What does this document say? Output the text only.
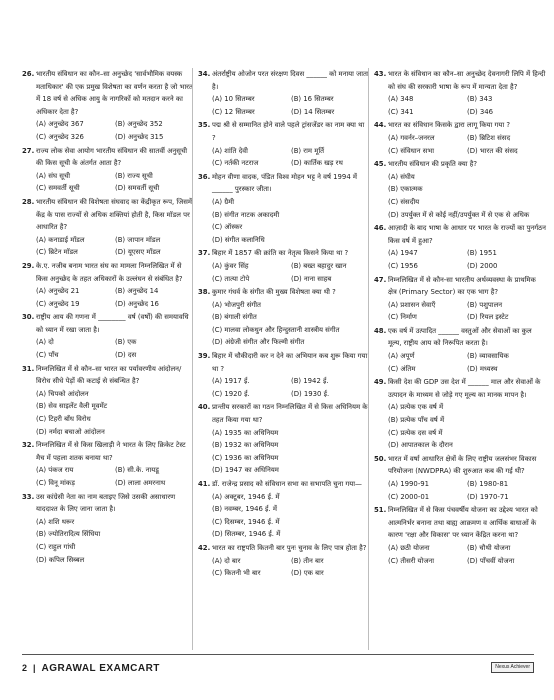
26. भारतीय संविधान का कौन–सा अनुच्छेद 'सार्वभौमिक वयस्क मताधिकार' की एक प्रमुख विशेषता का वर्णन करता है जो भारत में 18 वर्ष से अधिक आयु के नागरिकों को मतदान करने का अधिकार देता है?

(A) अनुच्छेद 367	(B) अनुच्छेद 352
(C) अनुच्छेद 326	(D) अनुच्छेद 315
27. राज्य लोक सेवा आयोग भारतीय संविधान की सातवीं अनुसूची की किस सूची के अंतर्गत आता है?

(A) संघ सूची	(B) राज्य सूची
(C) समवर्ती सूची	(D) समवर्ती सूची
28. भारतीय संविधान की विशेषता संघवाद का केंद्रीकृत रूप, जिसमें केंद्र के पास राज्यों से अधिक शक्तियां होती है, किस मॉडल पर आधारित है?

(A) कनाडाई मॉडल	(B) जापान मॉडल
(C) ब्रिटेन मॉडल	(D) यूएसए मॉडल
29. के.ए. नजीब बनाम भारत संघ का मामला निम्नलिखित में से किस अनुच्छेद के तहत अधिकारों के उल्लंघन से संबंधित है?

(A) अनुच्छेद 21	(B) अनुच्छेद 14
(C) अनुच्छेद 19	(D) अनुच्छेद 16
30. राष्ट्रीय आय की गणना में ________ वर्ष (वर्षों) की समयावधि को ध्यान में रखा जाता है।

(A) दो	(B) एक
(C) पाँच	(D) दस
31. निम्नलिखित में से कौन–सा भारत का पर्यावरणीय आंदोलन/विरोध सीधे पेड़ों की कटाई से संबन्धित है?

(A) चिपको आंदोलन
(B) सेव साइलेंट वैली मूवमेंट
(C) टिहरी बाँध विरोध
(D) नर्मदा बचाओ आंदोलन
32. निम्नलिखित में से किस खिलाड़ी ने भारत के लिए क्रिकेट टेस्ट मैच में पहला शतक बनाया था?

(A) पंकज राय	(B) सी.के. नायडू
(C) विनू मांकड़	(D) लाला अमरनाथ
33. उस कांग्रेसी नेता का नाम बताइए जिसे उसकी असाधारण याददाश्त के लिए जाना जाता है।

(A) शशि थरूर
(B) ज्योतिरादित्य सिंधिया
(C) राहुल गांधी
(D) कपिल सिब्बल
34. अंतर्राष्ट्रीय ओजोन परत संरक्षण दिवस ______ को मनाया जाता है।

(A) 10 सितम्बर	(B) 16 सितम्बर
(C) 12 सितम्बर	(D) 14 सितम्बर
35. पद्म श्री से सम्मानित होने वाले पहले ट्रांसजेंडर का नाम क्या था ?

(A) शांति देवी	(B) राम मूर्ति
(C) नर्तकी नटराज	(D) कार्तिक खड़ रथ
36. मोहन वीणा वादक, पंडित विश्व मोहन भट्ट ने वर्ष 1994 में ______ पुरस्कार जीता।

(A) ग्रैमी
(B) संगीत नाटक अकादमी
(C) ऑस्कर
(D) संगीत कलानिधि
37. बिहार में 1857 की क्रांति का नेतृत्व किसने किया था ?

(A) कुंवर सिंह	(B) बख्त बहादुर खान
(C) तात्या टोपे	(D) नाना साहब
38. कुमार गंधर्व के संगीत की मुख्य विशेषता क्या थी ?

(A) भोजपुरी संगीत
(B) बंगाली संगीत
(C) मालवा लोकधुन और हिन्दुस्तानी शास्त्रीय संगीत
(D) अंग्रेजी संगीत और फिल्मी संगीत
39. बिहार में चौकीदारी कर न देने का अभियान कब शुरू किया गया था ?

(A) 1917 ई.	(B) 1942 ई.
(C) 1920 ई.	(D) 1930 ई.
40. प्रान्तीय सरकारों का गठन निम्नलिखित में से किस अधिनियम के तहत किया गया था?

(A) 1935 का अधिनियम
(B) 1932 का अधिनियम
(C) 1936 का अधिनियम
(D) 1947 का अधिनियम
41. डॉ. राजेन्द्र प्रसाद को संविधान सभा का सभापति चुना गया—

(A) अक्टूबर, 1946 ई. में
(B) नवम्बर, 1946 ई. में
(C) दिसम्बर, 1946 ई. में
(D) सितम्बर, 1946 ई. में
42. भारत का राष्ट्रपति कितनी बार पुनः चुनाव के लिए पात्र होता है?

(A) दो बार	(B) तीन बार
(C) कितनी भी बार	(D) एक बार
43. भारत के संविधान का कौन–सा अनुच्छेद देवनागरी लिपि में हिन्दी को संघ की सरकारी भाषा के रूप में मान्यता देता है?

(A) 348	(B) 343
(C) 341	(D) 346
44. भारत का संविधान किसके द्वारा लागू किया गया ?

(A) गवर्नर–जनरल	(B) ब्रिटिश संसद
(C) संविधान सभा	(D) भारत की संसद
45. भारतीय संविधान की प्रकृति क्या है?

(A) संघीय
(B) एकात्मक
(C) संसदीय
(D) उपर्युक्त में से कोई नहीं/उपर्युक्त में से एक से अधिक
46. आज़ादी के बाद भाषा के आधार पर भारत के राज्यों का पुनर्गठन किस वर्ष में हुआ?

(A) 1947	(B) 1951
(C) 1956	(D) 2000
47. निम्नलिखित में से कौन-सा भारतीय अर्थव्यवस्था के प्राथमिक क्षेत्र (Primary Sector) का एक भाग है?

(A) प्रशासन सेवाएँ	(B) पशुपालन
(C) निर्माण	(D) रियल इस्टेट
48. एक वर्ष में उत्पादित ______ वस्तुओं और सेवाओं का कुल मूल्य, राष्ट्रीय आय को निरूपित करता है।

(A) अपूर्ण	(B) व्यावसायिक
(C) अंतिम	(D) मध्यस्थ
49. किसी देश की GDP उस देश में ______ माल और सेवाओं के उत्पादन के माध्यम से जोड़े गए मूल्य का मानक मापन है।

(A) प्रत्येक एक वर्ष में
(B) प्रत्येक पाँच वर्ष में
(C) प्रत्येक दस वर्ष में
(D) आपातकाल के दौरान
50. भारत में वर्षा आधारित क्षेत्रों के लिए राष्ट्रीय जलसंभर विकास परियोजना (NWDPRA) की शुरुआत कब की गई थी?

(A) 1990-91	(B) 1980-81
(C) 2000-01	(D) 1970-71
51. निम्नलिखित में से किस पंचवर्षीय योजना का उद्देश्य भारत को आत्मनिर्भर बनाना तथा बाह्य आक्रमण व आर्थिक बाधाओं के कारण 'रक्षा और विकास' पर ध्यान केंद्रित करना था?

(A) छठी योजना	(B) चौथी योजना
(C) तीसरी योजना	(D) पाँचवीं योजना
2 | AGRAWAL EXAMCART	Nexus Achiever
